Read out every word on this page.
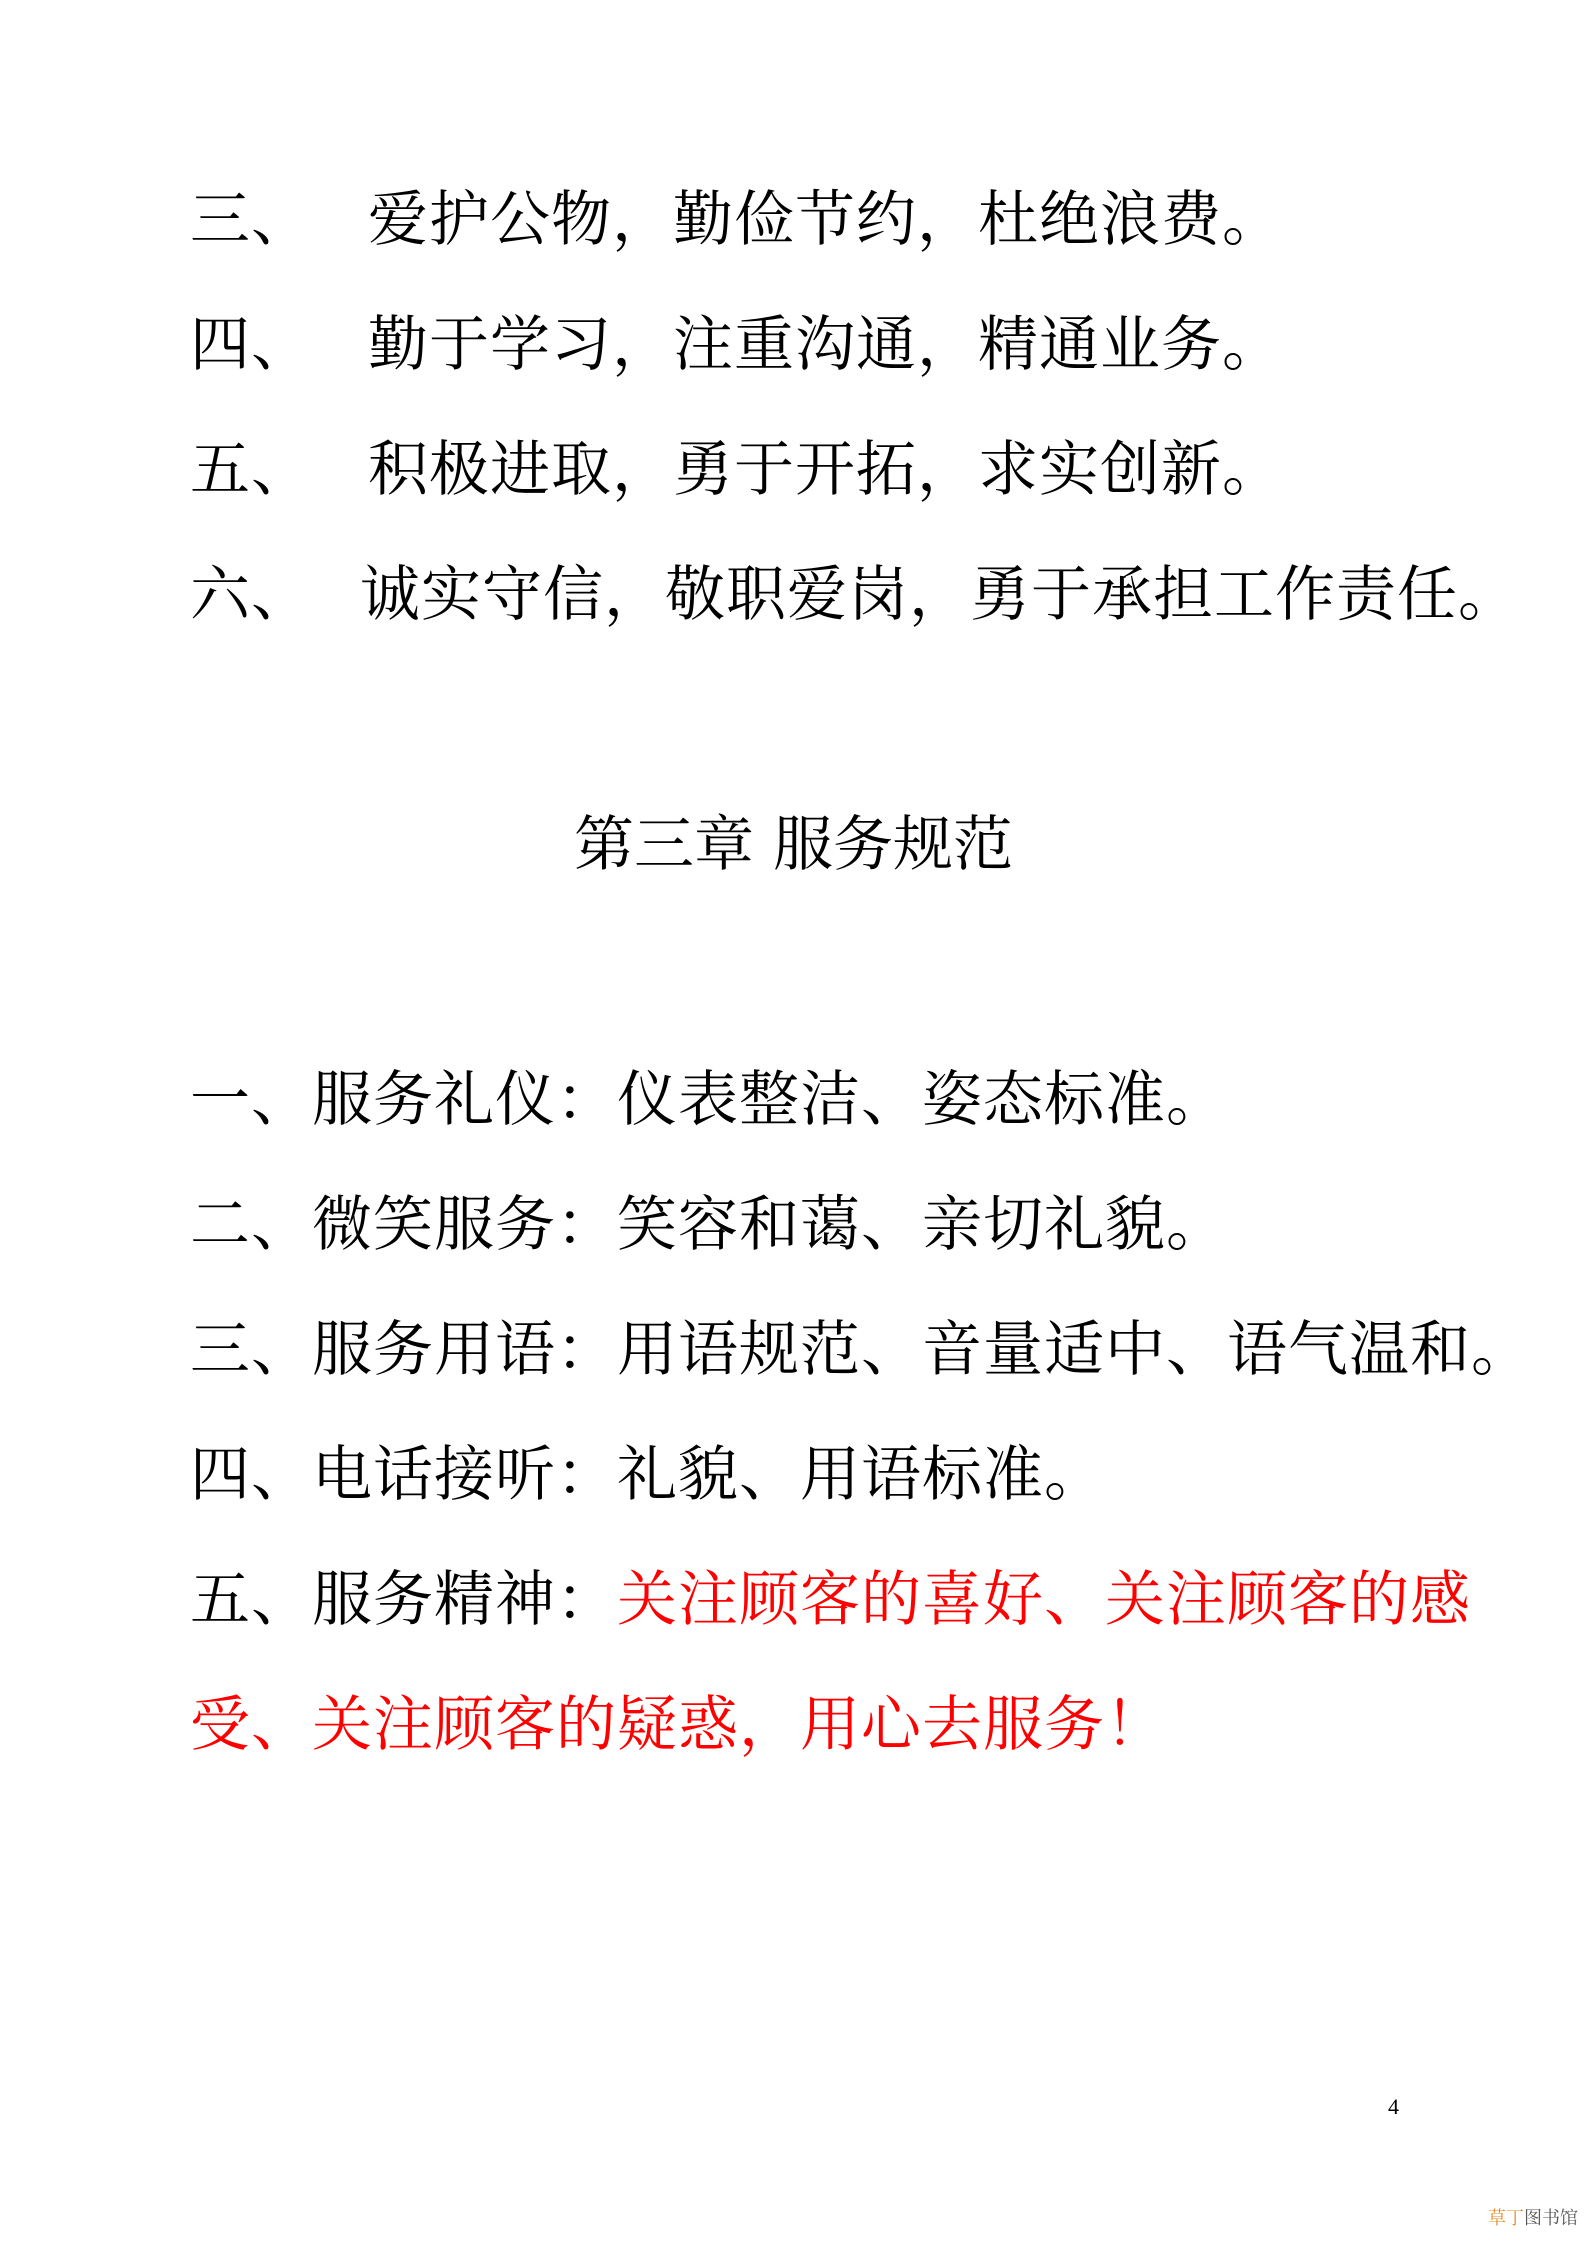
三、 爱护公物，勤俭节约，杜绝浪费。
四、 勤于学习，注重沟通，精通业务。
五、 积极进取，勇于开拓，求实创新。
六、 诚实守信，敬职爱岗，勇于承担工作责任。
第三章 服务规范
一、服务礼仪：仪表整洁、姿态标准。
二、微笑服务：笑容和蔼、亲切礼貌。
三、服务用语：用语规范、音量适中、语气温和。
四、电话接听：礼貌、用语标准。
五、服务精神：关注顾客的喜好、关注顾客的感
受、关注顾客的疑惑，用心去服务！
4
草丁图书馆
